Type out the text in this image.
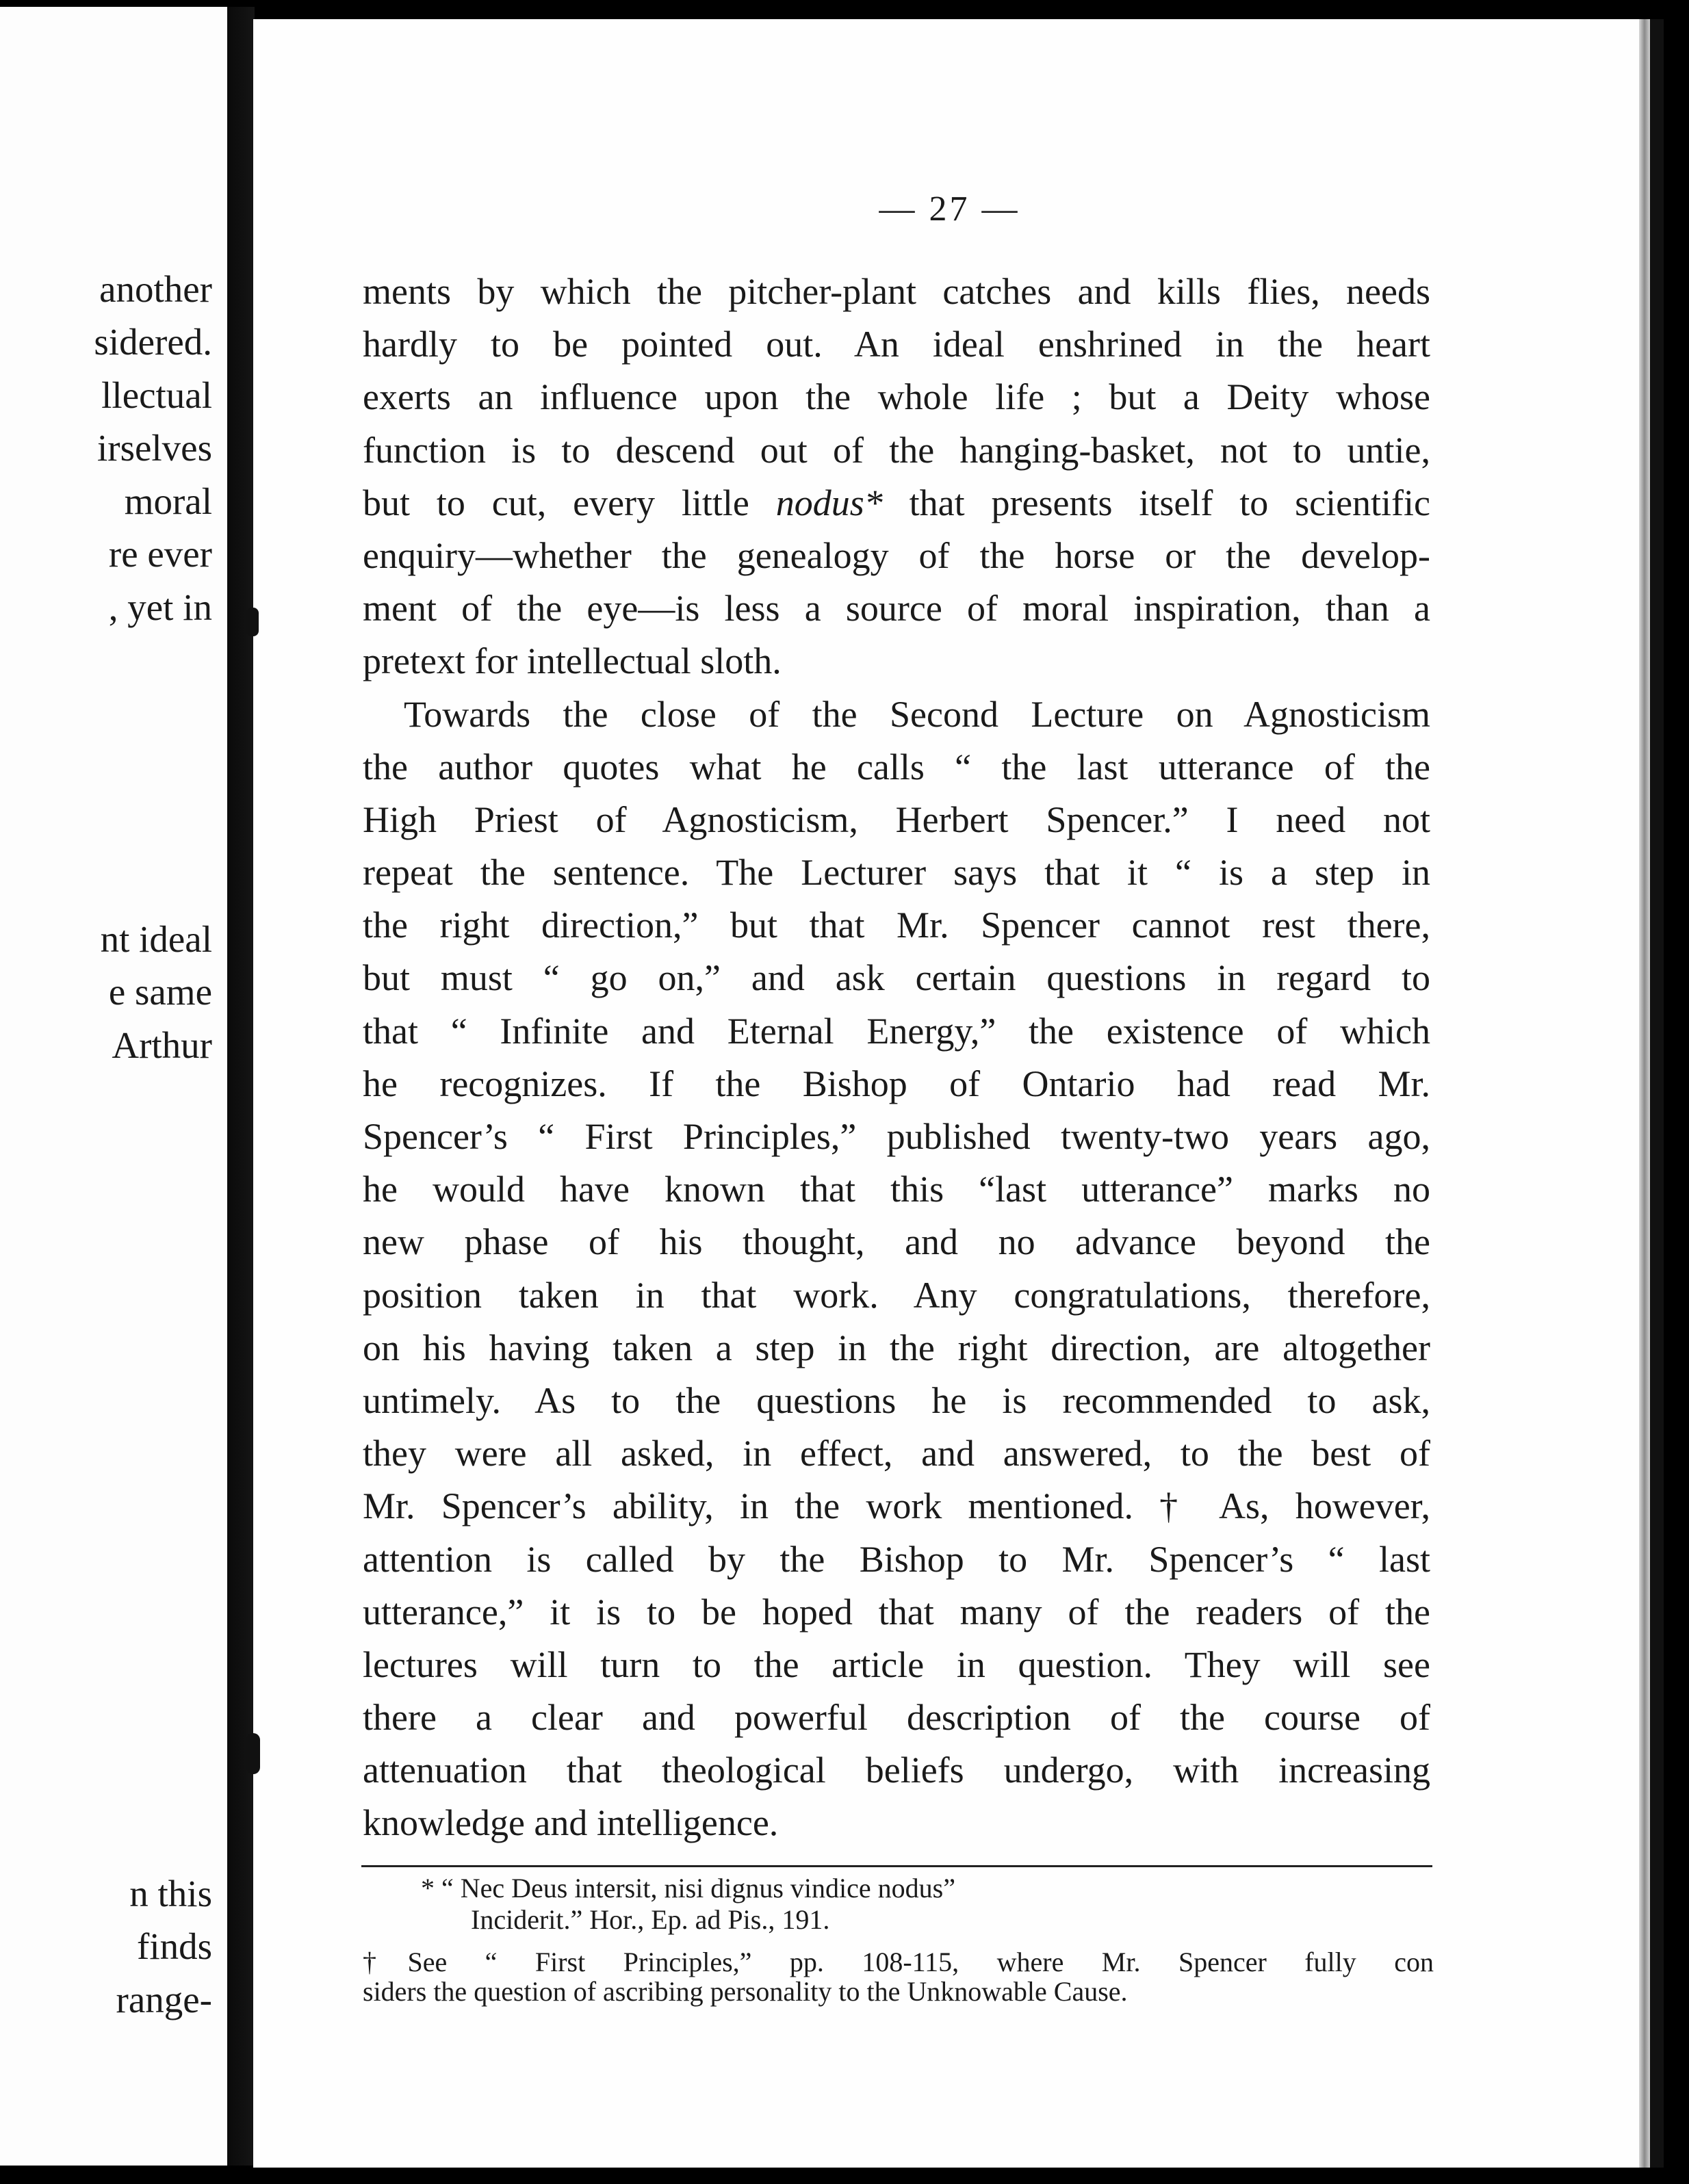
another
sidered.
llectual
irselves
moral
re ever
, yet in
nt ideal
e same
Arthur
n this
finds
range-
— 27 —
ments by which the pitcher-plant catches and kills flies, needs
hardly to be pointed out. An ideal enshrined in the heart
exerts an influence upon the whole life ; but a Deity whose
function is to descend out of the hanging-basket, not to untie,
but to cut, every little nodus* that presents itself to scientific
enquiry—whether the genealogy of the horse or the develop-
ment of the eye—is less a source of moral inspiration, than a
pretext for intellectual sloth.
Towards the close of the Second Lecture on Agnosticism
the author quotes what he calls “ the last utterance of the
High Priest of Agnosticism, Herbert Spencer.” I need not
repeat the sentence. The Lecturer says that it “ is a step in
the right direction,” but that Mr. Spencer cannot rest there,
but must “ go on,” and ask certain questions in regard to
that “ Infinite and Eternal Energy,” the existence of which
he recognizes. If the Bishop of Ontario had read Mr.
Spencer’s “ First Principles,” published twenty-two years ago,
he would have known that this “last utterance” marks no
new phase of his thought, and no advance beyond the
position taken in that work. Any congratulations, therefore,
on his having taken a step in the right direction, are altogether
untimely. As to the questions he is recommended to ask,
they were all asked, in effect, and answered, to the best of
Mr. Spencer’s ability, in the work mentioned. † As, however,
attention is called by the Bishop to Mr. Spencer’s “ last
utterance,” it is to be hoped that many of the readers of the
lectures will turn to the article in question. They will see
there a clear and powerful description of the course of
attenuation that theological beliefs undergo, with increasing
knowledge and intelligence.
* “ Nec Deus intersit, nisi dignus vindice nodus”
Inciderit.” Hor., Ep. ad Pis., 191.
†See “ First Principles,” pp. 108-115, where Mr. Spencer fully con
siders the question of ascribing personality to the Unknowable Cause.
